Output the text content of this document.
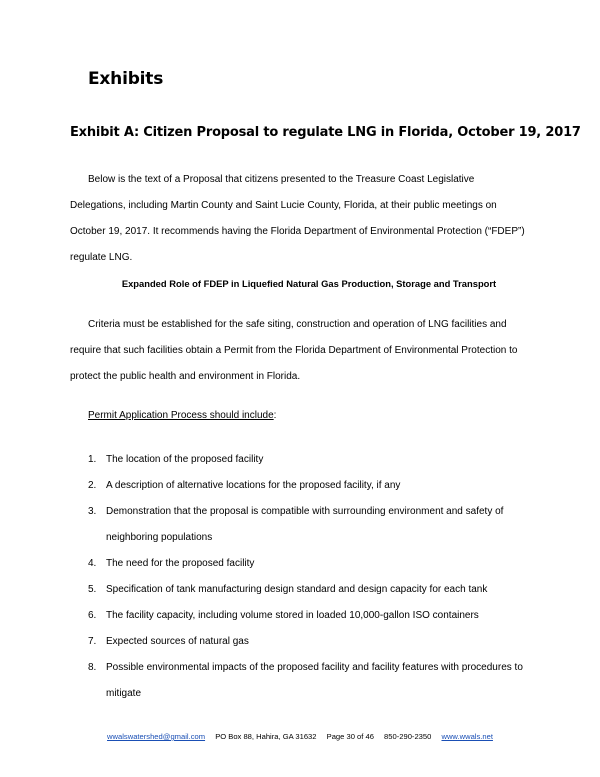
Exhibits
Exhibit A: Citizen Proposal to regulate LNG in Florida, October 19, 2017
Below is the text of a Proposal that citizens presented to the Treasure Coast Legislative Delegations, including Martin County and Saint Lucie County, Florida, at their public meetings on October 19, 2017. It recommends having the Florida Department of Environmental Protection (“FDEP”) regulate LNG.
Expanded Role of FDEP in Liquefied Natural Gas Production, Storage and Transport
Criteria must be established for the safe siting, construction and operation of LNG facilities and require that such facilities obtain a Permit from the Florida Department of Environmental Protection to protect the public health and environment in Florida.
Permit Application Process should include:
1. The location of the proposed facility
2. A description of alternative locations for the proposed facility, if any
3. Demonstration that the proposal is compatible with surrounding environment and safety of neighboring populations
4. The need for the proposed facility
5. Specification of tank manufacturing design standard and design capacity for each tank
6. The facility capacity, including volume stored in loaded 10,000-gallon ISO containers
7. Expected sources of natural gas
8. Possible environmental impacts of the proposed facility and facility features with procedures to mitigate
wwalswatershed@gmail.com PO Box 88, Hahira, GA 31632 Page 30 of 46 850-290-2350 www.wwals.net
